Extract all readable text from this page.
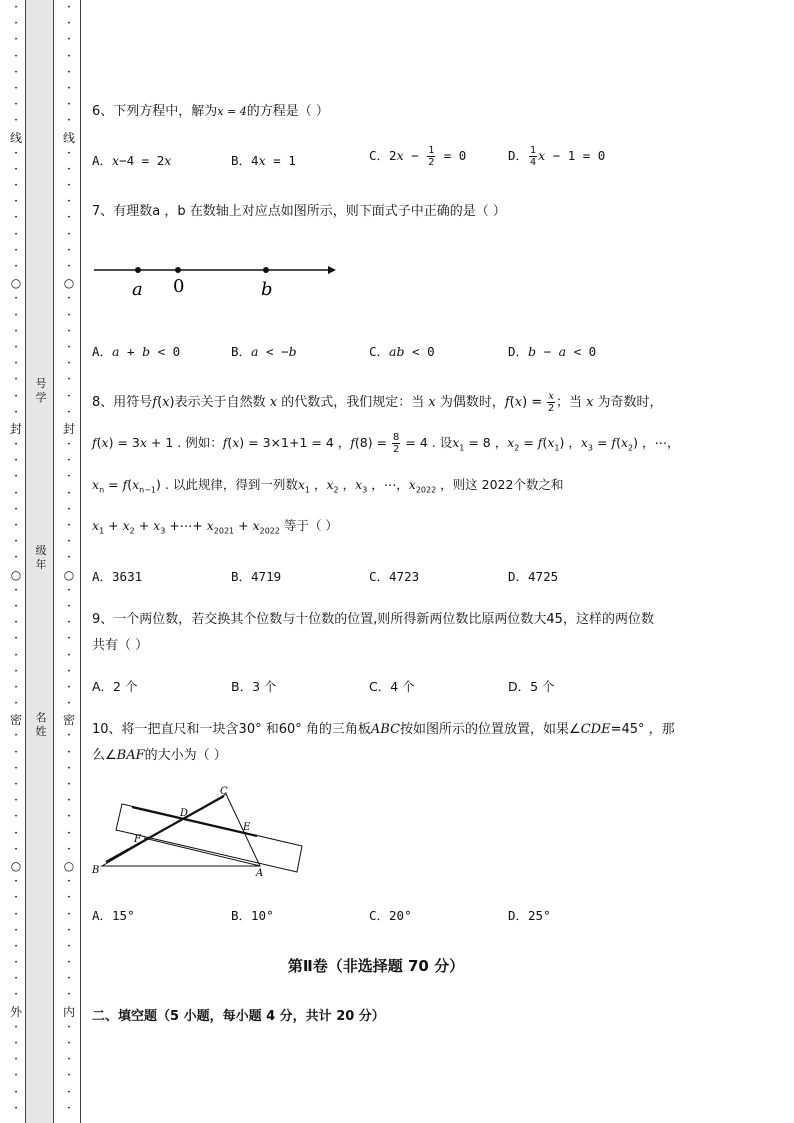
•
•
•
•
•
•
•
•
线
•
•
•
•
•
•
•
•
○
•
•
•
•
•
•
•
•
封
•
•
•
•
•
•
•
•
○
•
•
•
•
•
•
•
•
密
•
•
•
•
•
•
•
•
○
•
•
•
•
•
•
•
•
外
•
•
•
•
•
•
号
学
级
年
名
姓
•
•
•
•
•
•
•
•
线
•
•
•
•
•
•
•
•
○
•
•
•
•
•
•
•
•
封
•
•
•
•
•
•
•
•
○
•
•
•
•
•
•
•
•
密
•
•
•
•
•
•
•
•
○
•
•
•
•
•
•
•
•
内
•
•
•
•
•
•
6、下列方程中，解为x = 4的方程是（ ）
A．x−4 = 2x	B．4x = 1	C．$2x - \frac{1}{2} = 0$	D． $\frac{1}{4}$ x − 1 = 0
7、有理数a ，b 在数轴上对应点如图所示，则下面式子中正确的是（ ）
a 0	b
A．a + b < 0	B．a < −b	C．ab < 0	D．b − a < 0
8、用符号f(x)表示关于自然数 x 的代数式，我们规定：当 x 为偶数时，$f(x) = \frac{x}{2}$ ；当 x 为奇数时，
f(x) = 3x + 1 . 例如：f(x) = 3×1+1 = 4 ，$f(8) = \frac{8}{2} = 4$ . 设$x_1 = 8$ ，$x_2 = f(x_1)$ ，$x_3 = f(x_2)$ ，⋯，
$x_n = f(x_{n-1})$ . 以此规律，得到一列数$x_1$ ，$x_2$ ，$x_3$ ，⋯，$x_{2022}$ ，则这 2022个数之和
$x_1 + x_2 + x_3$ +⋯+ $x_{2021} + x_{2022}$ 等于（ ）
A．3631	B．4719	C．4723	D．4725
9、一个两位数，若交换其个位数与十位数的位置,则所得新两位数比原两位数大45，这样的两位数
共有（ ）
A．2 个	B．3 个	C．4 个	D．5 个
10、将一把直尺和一块含30° 和60° 角的三角板ABC按如图所示的位置放置，如果∠CDE=45° ，那
么∠BAF的大小为（ ）
C
D
E
F
B	A
A．15°	B．10°	C．20°	D．25°
第Ⅱ卷（非选择题 70 分）
二、填空题（5 小题，每小题 4 分，共计 20 分）
